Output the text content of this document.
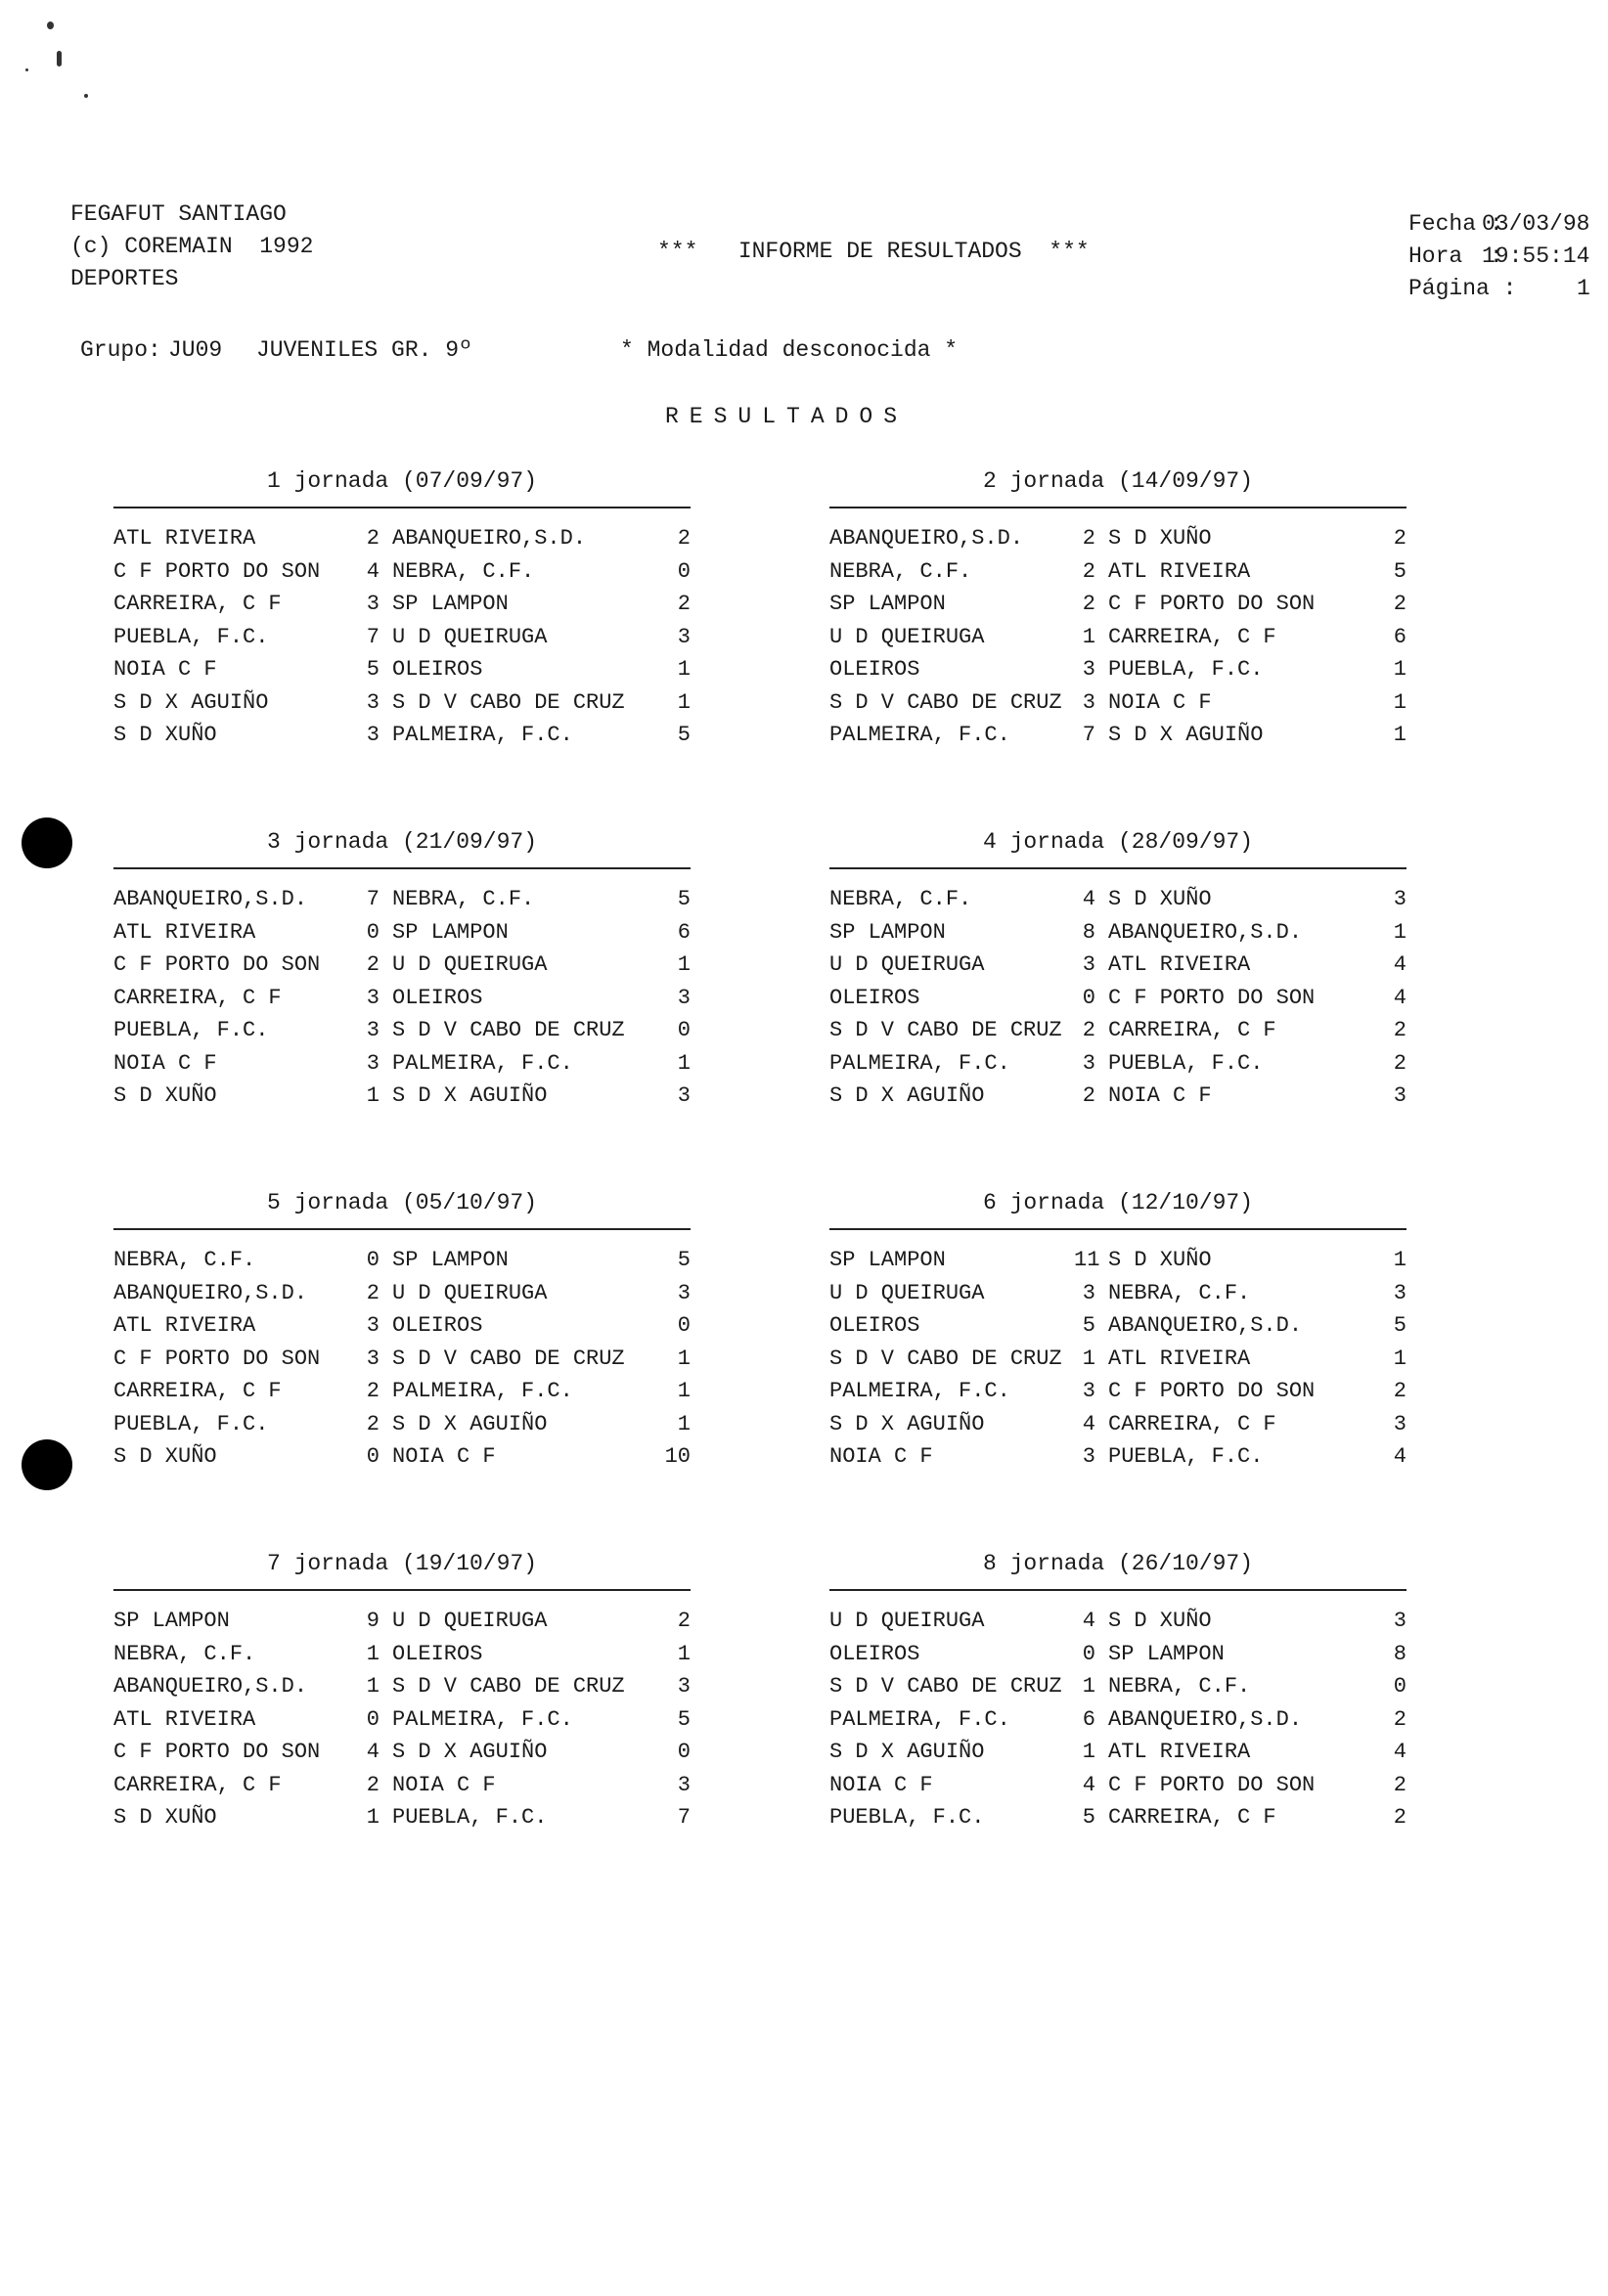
FEGAFUT SANTIAGO
(c) COREMAIN  1992
DEPORTES
***   INFORME DE RESULTADOS  ***
Fecha :
03/03/98
Hora  :
19:55:14
Página :	1
Grupo: JU09 JUVENILES GR. 9º	* Modalidad desconocida *
RESULTADOS
1 jornada (07/09/97)
ATL RIVEIRA	2 ABANQUEIRO,S.D.	2
C F PORTO DO SON	4 NEBRA, C.F.	0
CARREIRA, C F	3 SP LAMPON	2
PUEBLA, F.C.	7 U D QUEIRUGA	3
NOIA C F	5 OLEIROS	1
S D X AGUIÑO	3 S D V CABO DE CRUZ	1
S D XUÑO	3 PALMEIRA, F.C.	5
2 jornada (14/09/97)
ABANQUEIRO,S.D.	2 S D XUÑO	2
NEBRA, C.F.	2 ATL RIVEIRA	5
SP LAMPON	2 C F PORTO DO SON	2
U D QUEIRUGA	1 CARREIRA, C F	6
OLEIROS	3 PUEBLA, F.C.	1
S D V CABO DE CRUZ 3 NOIA C F	1
PALMEIRA, F.C.	7 S D X AGUIÑO	1
3 jornada (21/09/97)
ABANQUEIRO,S.D.	7 NEBRA, C.F.	5
ATL RIVEIRA	0 SP LAMPON	6
C F PORTO DO SON	2 U D QUEIRUGA	1
CARREIRA, C F	3 OLEIROS	3
PUEBLA, F.C.	3 S D V CABO DE CRUZ	0
NOIA C F	3 PALMEIRA, F.C.	1
S D XUÑO	1 S D X AGUIÑO	3
4 jornada (28/09/97)
NEBRA, C.F.	4 S D XUÑO	3
SP LAMPON	8 ABANQUEIRO,S.D.	1
U D QUEIRUGA	3 ATL RIVEIRA	4
OLEIROS	0 C F PORTO DO SON	4
S D V CABO DE CRUZ 2 CARREIRA, C F	2
PALMEIRA, F.C.	3 PUEBLA, F.C.	2
S D X AGUIÑO	2 NOIA C F	3
5 jornada (05/10/97)
NEBRA, C.F.	0 SP LAMPON	5
ABANQUEIRO,S.D.	2 U D QUEIRUGA	3
ATL RIVEIRA	3 OLEIROS	0
C F PORTO DO SON	3 S D V CABO DE CRUZ	1
CARREIRA, C F	2 PALMEIRA, F.C.	1
PUEBLA, F.C.	2 S D X AGUIÑO	1
S D XUÑO	0 NOIA C F	10
6 jornada (12/10/97)
SP LAMPON	11 S D XUÑO	1
U D QUEIRUGA	3 NEBRA, C.F.	3
OLEIROS	5 ABANQUEIRO,S.D.	5
S D V CABO DE CRUZ 1 ATL RIVEIRA	1
PALMEIRA, F.C.	3 C F PORTO DO SON	2
S D X AGUIÑO	4 CARREIRA, C F	3
NOIA C F	3 PUEBLA, F.C.	4
7 jornada (19/10/97)
SP LAMPON	9 U D QUEIRUGA	2
NEBRA, C.F.	1 OLEIROS	1
ABANQUEIRO,S.D.	1 S D V CABO DE CRUZ	3
ATL RIVEIRA	0 PALMEIRA, F.C.	5
C F PORTO DO SON	4 S D X AGUIÑO	0
CARREIRA, C F	2 NOIA C F	3
S D XUÑO	1 PUEBLA, F.C.	7
8 jornada (26/10/97)
U D QUEIRUGA	4 S D XUÑO	3
OLEIROS	0 SP LAMPON	8
S D V CABO DE CRUZ 1 NEBRA, C.F.	0
PALMEIRA, F.C.	6 ABANQUEIRO,S.D.	2
S D X AGUIÑO	1 ATL RIVEIRA	4
NOIA C F	4 C F PORTO DO SON	2
PUEBLA, F.C.	5 CARREIRA, C F	2
